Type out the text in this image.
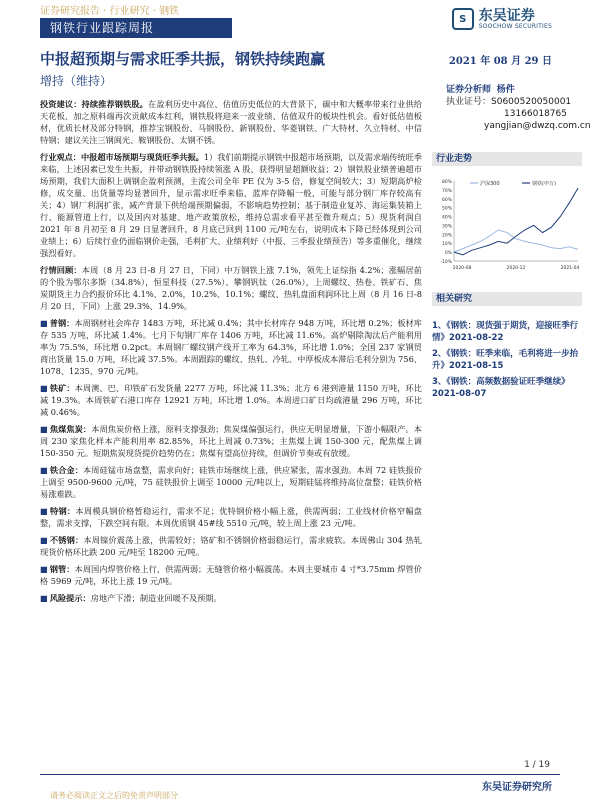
证券研究报告 · 行业研究 · 钢铁
S 东吴证券
SOOCHOW SECURITIES
钢铁行业跟踪周报
中报超预期与需求旺季共振，钢铁持续跑赢	2021 年 08 月 29 日
增持（维持）
证券分析师 杨件
执业证号：S0600520050001
13166018765
yangjian@dwzq.com.cn
行业走势
-10%
0%
10%
20%
30%
40%
50%
60%
70%
80%
2020-08	2020-12	2021-04
沪深300	钢铁(申万)
相关研究
1、《钢铁：现货强于期货，迎接旺季行情》2021-08-22
2、《钢铁：旺季来临，毛利将进一步抬升》2021-08-15
3、《钢铁：高频数据验证旺季继续》2021-08-07

投资建议：持续推荐钢铁股。在盈利历史中高位、估值历史低位的大背景下，碳中和大概率带来行业供给天花板、加之原料端再次贡献成本红利，钢铁股将迎来一波业绩、估值双升的板块性机会。看好低估值板材，优质长材及部分特钢，推荐宝钢股份、马钢股份、新钢股份、华菱钢铁、广大特材、久立特材、中信特钢；建议关注三钢闽光、鞍钢股份、太钢不锈。

行业观点：中报超市场预期与现货旺季共振。1）我们前期提示钢铁中报超市场预期，以及需求端传统旺季来临，上述因素已发生共振，并带动钢铁股持续领涨 A 股，获得明显超额收益；2）钢铁股业绩普遍超市场预期，我们大面积上调钢企盈利预测，主流公司全年 PE 仅为 3-5 倍，修复空间较大；3）短期高炉检修，成交量、出货量等均显著回升，显示需求旺季来临，蓝库存降幅一般，可能与部分钢厂库存较高有关；4）钢厂利润扩张，减产背景下供给端预期偏弱，不影响趋势控制；基于制造业复苏、海运集装箱上行、能源管道上行，以及国内对基建、地产政策放松，维持总需求看平甚至微升观点；5）现货利润自 2021 年 8 月初至 8 月 29 日显著回升，8 月底已回到 1100 元/吨左右，说明成本下降已经体现到公司业绩上；6）后续行业仍面临钢价走强，毛利扩大、业绩利好（中报、三季报业绩预告）等多重催化，继续强烈看好。

行情回顾：本周（8 月 23 日-8 月 27 日，下同）中万钢铁上涨 7.1%，领先上证综指 4.2%；涨幅居前的个股为鄂尔多斯（34.8%），恒星科技（27.5%）、攀钢钒钛（26.0%），上周螺纹、热卷、铁矿石、焦炭期货主力合约报价环比 4.1%、2.0%，10.2%、10.1%；螺纹、热轧盘面利润环比上周（8 月 16 日-8 月 20 日，下同）上涨 29.3%、14.9%。

■ 普钢：本周钢材社会库存 1483 万吨，环比减 0.4%；其中长材库存 948 万吨，环比增 0.2%；板材库存 535 万吨，环比减 1.4%。七月下旬钢厂库存 1406 万吨，环比减 11.6%。高炉剔除淘汰后产能利用率为 75.5%，环比增 0.2pct。本周钢厂螺纹钢产线开工率为 64.3%，环比增 1.0%；全国 237 家钢贸商出货量 15.0 万吨，环比减 37.5%。本周跟踪的螺纹、热轧、冷轧、中厚板成本滞后毛利分别为 756、1078、1235、970 元/吨。

■ 铁矿：本周澳、巴、印铁矿石发货量 2277 万吨，环比减 11.3%；北方 6 港到港量 1150 万吨，环比减 19.3%。本周铁矿石港口库存 12921 万吨，环比增 1.0%。本周进口矿日均疏港量 296 万吨，环比减 0.46%。

■ 焦煤焦炭：本周焦炭价格上涨，原料支撑强劲；焦炭煤偏强运行，供应无明显增量，下游小幅限产。本周 230 家焦化样本产能利用率 82.85%，环比上周减 0.73%；主焦煤上调 150-300 元，配焦煤上调 150-350 元。短期焦炭现货提价趋势仍在；焦煤有望高位持续，但调价节奏或有放缓。

■ 铁合金：本周硅锰市场盘整，需求向好；硅铁市场继续上涨，供应紧张，需求强劲。本周 72 硅铁报价上调至 9500-9600 元/吨，75 硅铁报价上调至 10000 元/吨以上，短期硅锰将维持高位盘整；硅铁价格易涨难跌。

■ 特钢：本周模具钢价格暂稳运行，需求不足；优特钢价格小幅上涨，供需两弱；工业线材价格窄幅盘整，需求支撑，下跌空间有限。本周优质钢 45#线 5510 元/吨，较上周上涨 23 元/吨。

■ 不锈钢：本周镍价震荡上涨，供需较好；铬矿和不锈钢价格弱稳运行，需求疲软。本周佛山 304 热轧现货价格环比跌 200 元/吨至 18200 元/吨。

■ 钢管：本周国内焊管价格上行，供需两弱；无缝管价格小幅震荡。本周主要城市 4 寸*3.75mm 焊管价格 5969 元/吨，环比上涨 19 元/吨。

■ 风险提示：房地产下滑；制造业回暖不及预期。

1 / 19
东吴证券研究所
请务必阅读正文之后的免责声明部分
